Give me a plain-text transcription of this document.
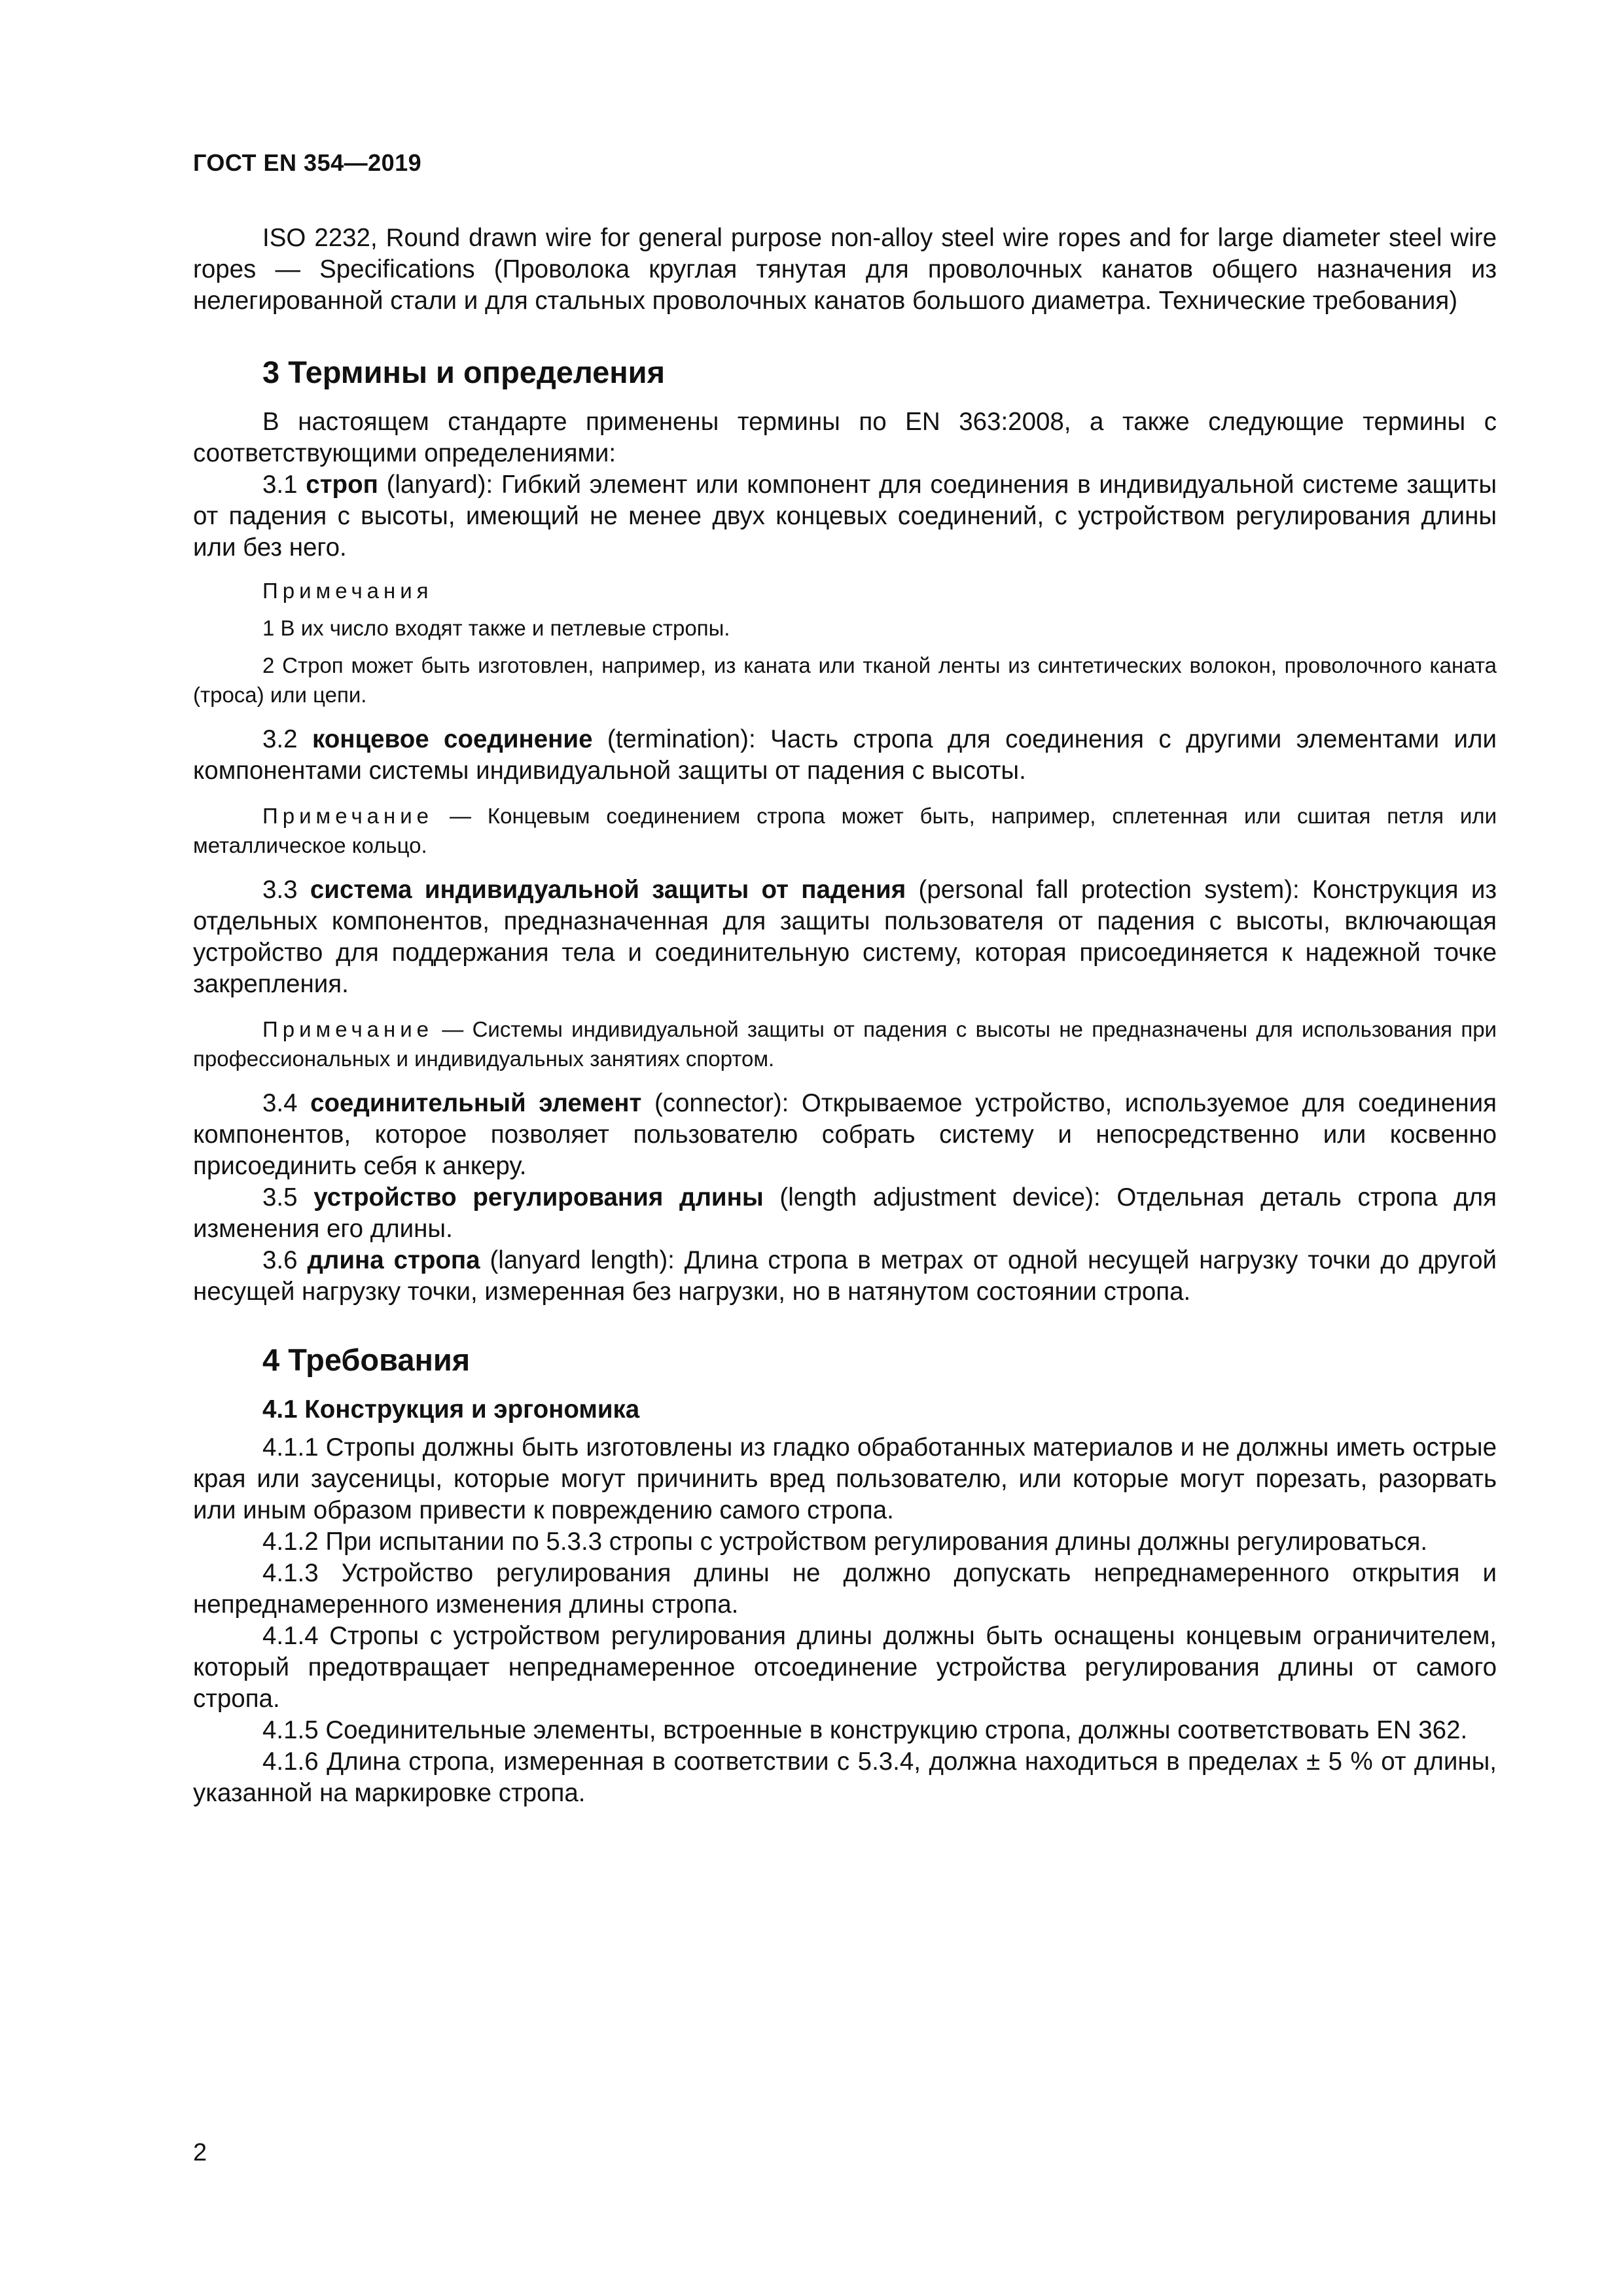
ГОСТ EN 354—2019

ISO 2232, Round drawn wire for general purpose non-alloy steel wire ropes and for large diameter steel wire ropes — Specifications (Проволока круглая тянутая для проволочных канатов общего назначения из нелегированной стали и для стальных проволочных канатов большого диаметра. Технические требования)

3 Термины и определения

В настоящем стандарте применены термины по EN 363:2008, а также следующие термины с соответствующими определениями:

3.1 строп (lanyard): Гибкий элемент или компонент для соединения в индивидуальной системе защиты от падения с высоты, имеющий не менее двух концевых соединений, с устройством регулирования длины или без него.

Примечания

1 В их число входят также и петлевые стропы.

2 Строп может быть изготовлен, например, из каната или тканой ленты из синтетических волокон, проволочного каната (троса) или цепи.

3.2 концевое соединение (termination): Часть стропа для соединения с другими элементами или компонентами системы индивидуальной защиты от падения с высоты.

Примечание — Концевым соединением стропа может быть, например, сплетенная или сшитая петля или металлическое кольцо.

3.3 система индивидуальной защиты от падения (personal fall protection system): Конструкция из отдельных компонентов, предназначенная для защиты пользователя от падения с высоты, включающая устройство для поддержания тела и соединительную систему, которая присоединяется к надежной точке закрепления.

Примечание — Системы индивидуальной защиты от падения с высоты не предназначены для использования при профессиональных и индивидуальных занятиях спортом.

3.4 соединительный элемент (connector): Открываемое устройство, используемое для соединения компонентов, которое позволяет пользователю собрать систему и непосредственно или косвенно присоединить себя к анкеру.

3.5 устройство регулирования длины (length adjustment device): Отдельная деталь стропа для изменения его длины.

3.6 длина стропа (lanyard length): Длина стропа в метрах от одной несущей нагрузку точки до другой несущей нагрузку точки, измеренная без нагрузки, но в натянутом состоянии стропа.

4 Требования
4.1 Конструкция и эргономика

4.1.1 Стропы должны быть изготовлены из гладко обработанных материалов и не должны иметь острые края или заусеницы, которые могут причинить вред пользователю, или которые могут порезать, разорвать или иным образом привести к повреждению самого стропа.

4.1.2 При испытании по 5.3.3 стропы с устройством регулирования длины должны регулироваться.

4.1.3 Устройство регулирования длины не должно допускать непреднамеренного открытия и непреднамеренного изменения длины стропа.

4.1.4 Стропы с устройством регулирования длины должны быть оснащены концевым ограничителем, который предотвращает непреднамеренное отсоединение устройства регулирования длины от самого стропа.

4.1.5 Соединительные элементы, встроенные в конструкцию стропа, должны соответствовать EN 362.

4.1.6 Длина стропа, измеренная в соответствии с 5.3.4, должна находиться в пределах ± 5 % от длины, указанной на маркировке стропа.

2
